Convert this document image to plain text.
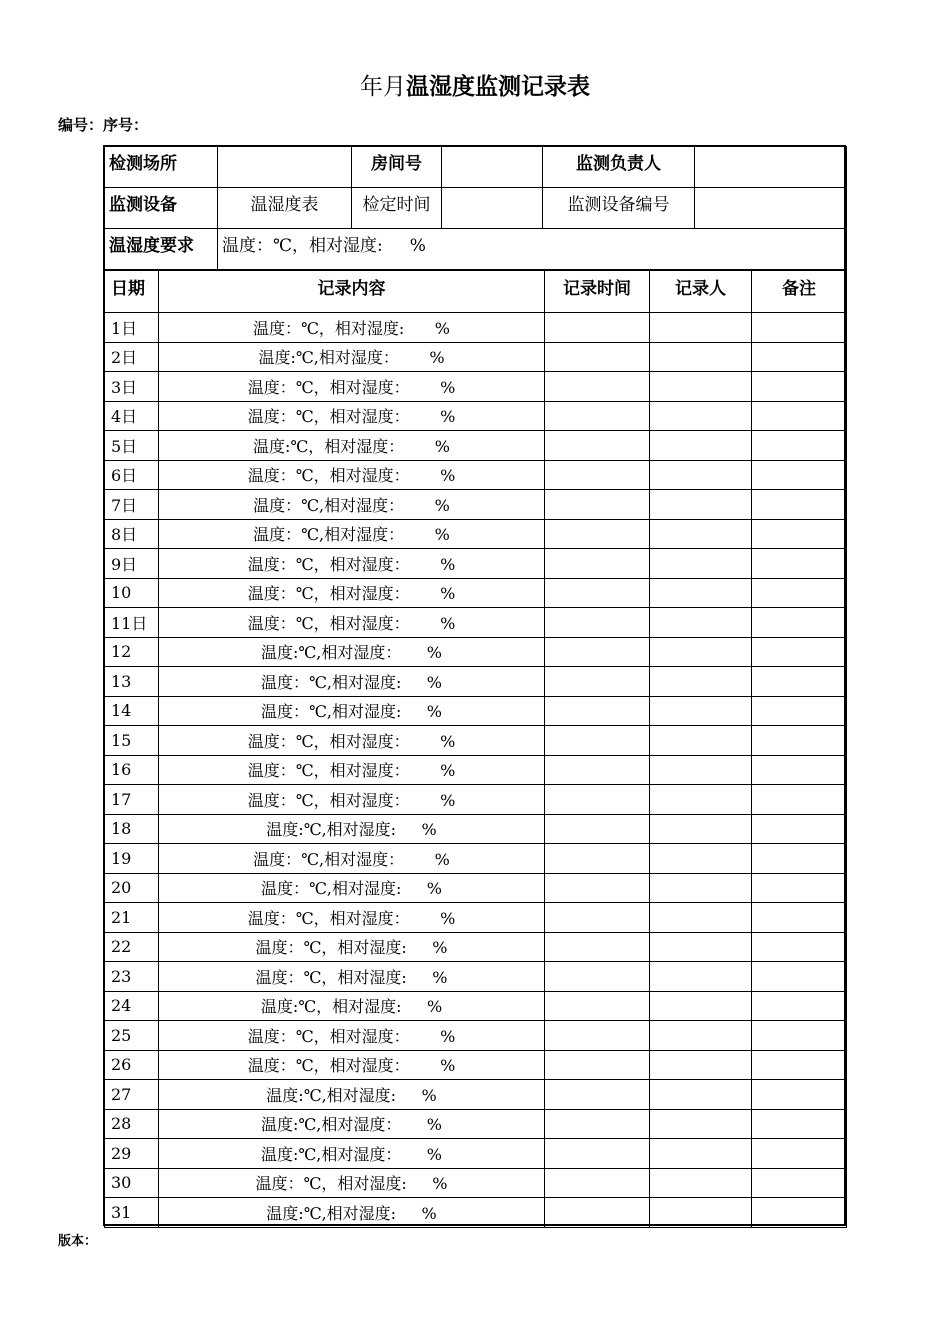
年月温湿度监测记录表
编号：序号：
检测场所		房间号		监测负责人	
监测设备	温湿度表	检定时间		监测设备编号	
温湿度要求	温度：℃，相对湿度:     %				
日期	记录内容	记录时间	记录人	备注
1日	温度：℃，相对湿度:      %			
2日	温度:℃,相对湿度：      %			
3日	温度：℃，相对湿度：      %			
4日	温度：℃，相对湿度：      %			
5日	温度:℃，相对湿度：      %			
6日	温度：℃，相对湿度：      %			
7日	温度：℃,相对湿度：      %			
8日	温度：℃,相对湿度：      %			
9日	温度：℃，相对湿度：      %			
10	温度：℃，相对湿度：      %			
11日	温度：℃，相对湿度：      %			
12	温度:℃,相对湿度：     %			
13	温度：℃,相对湿度:     %			
14	温度：℃,相对湿度:     %			
15	温度：℃，相对湿度：      %			
16	温度：℃，相对湿度：      %			
17	温度：℃，相对湿度：      %			
18	温度:℃,相对湿度:     %			
19	温度：℃,相对湿度：      %			
20	温度：℃,相对湿度:     %			
21	温度：℃，相对湿度：      %			
22	温度：℃，相对湿度:     %			
23	温度：℃，相对湿度:     %			
24	温度:℃，相对湿度:     %			
25	温度：℃，相对湿度：      %			
26	温度：℃，相对湿度：      %			
27	温度:℃,相对湿度:     %			
28	温度:℃,相对湿度：     %			
29	温度:℃,相对湿度：     %			
30	温度：℃，相对湿度:     %			
31	温度:℃,相对湿度:     %			
版本：
